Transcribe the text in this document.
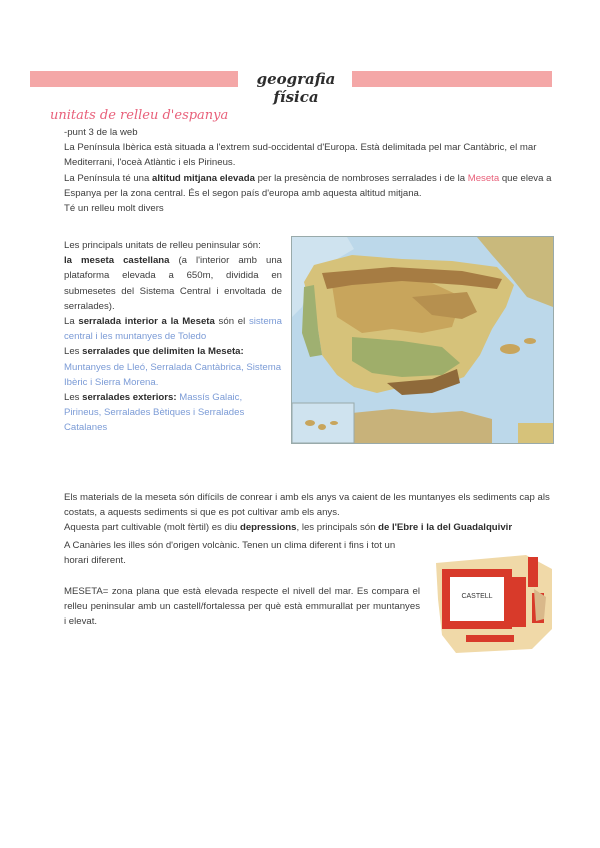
geografia física
unitats de relleu d'espanya
-punt 3 de la web
La Península Ibèrica està situada a l'extrem sud-occidental d'Europa. Està delimitada pel mar Cantàbric, el mar Mediterrani, l'oceà Atlàntic i els Pirineus.
La Península té una altitud mitjana elevada per la presència de nombroses serralades i de la Meseta que eleva a Espanya per la zona central. És el segon país d'europa amb aquesta altitud mitjana.
Té un relleu molt divers
Les principals unitats de relleu peninsular són:
la meseta castellana (a l'interior amb una plataforma elevada a 650m, dividida en submesetes del Sistema Central i envoltada de serralades).
La serralada interior a la Meseta són el sistema central i les muntanyes de Toledo
Les serralades que delimiten la Meseta:
Muntanyes de Lleó, Serralada Cantàbrica, Sistema Ibèric i Sierra Morena.
Les serralades exteriors: Massís Galaic, Pirineus, Serralades Bètiques i Serralades Catalanes
Els materials de la meseta són difícils de conrear i amb els anys va caient de les muntanyes els sediments cap als costats, a aquests sediments si que es pot cultivar amb els anys.
Aquesta part cultivable (molt fèrtil) es diu depressions, les principals són de l'Ebre i la del Guadalquivir
A Canàries les illes són d'origen volcànic. Tenen un clima diferent i fins i tot un horari diferent.
MESETA= zona plana que està elevada respecte el nivell del mar. Es compara el relleu peninsular amb un castell/fortalessa per què està emmurallat per muntanyes i elevat.
CASTELL
